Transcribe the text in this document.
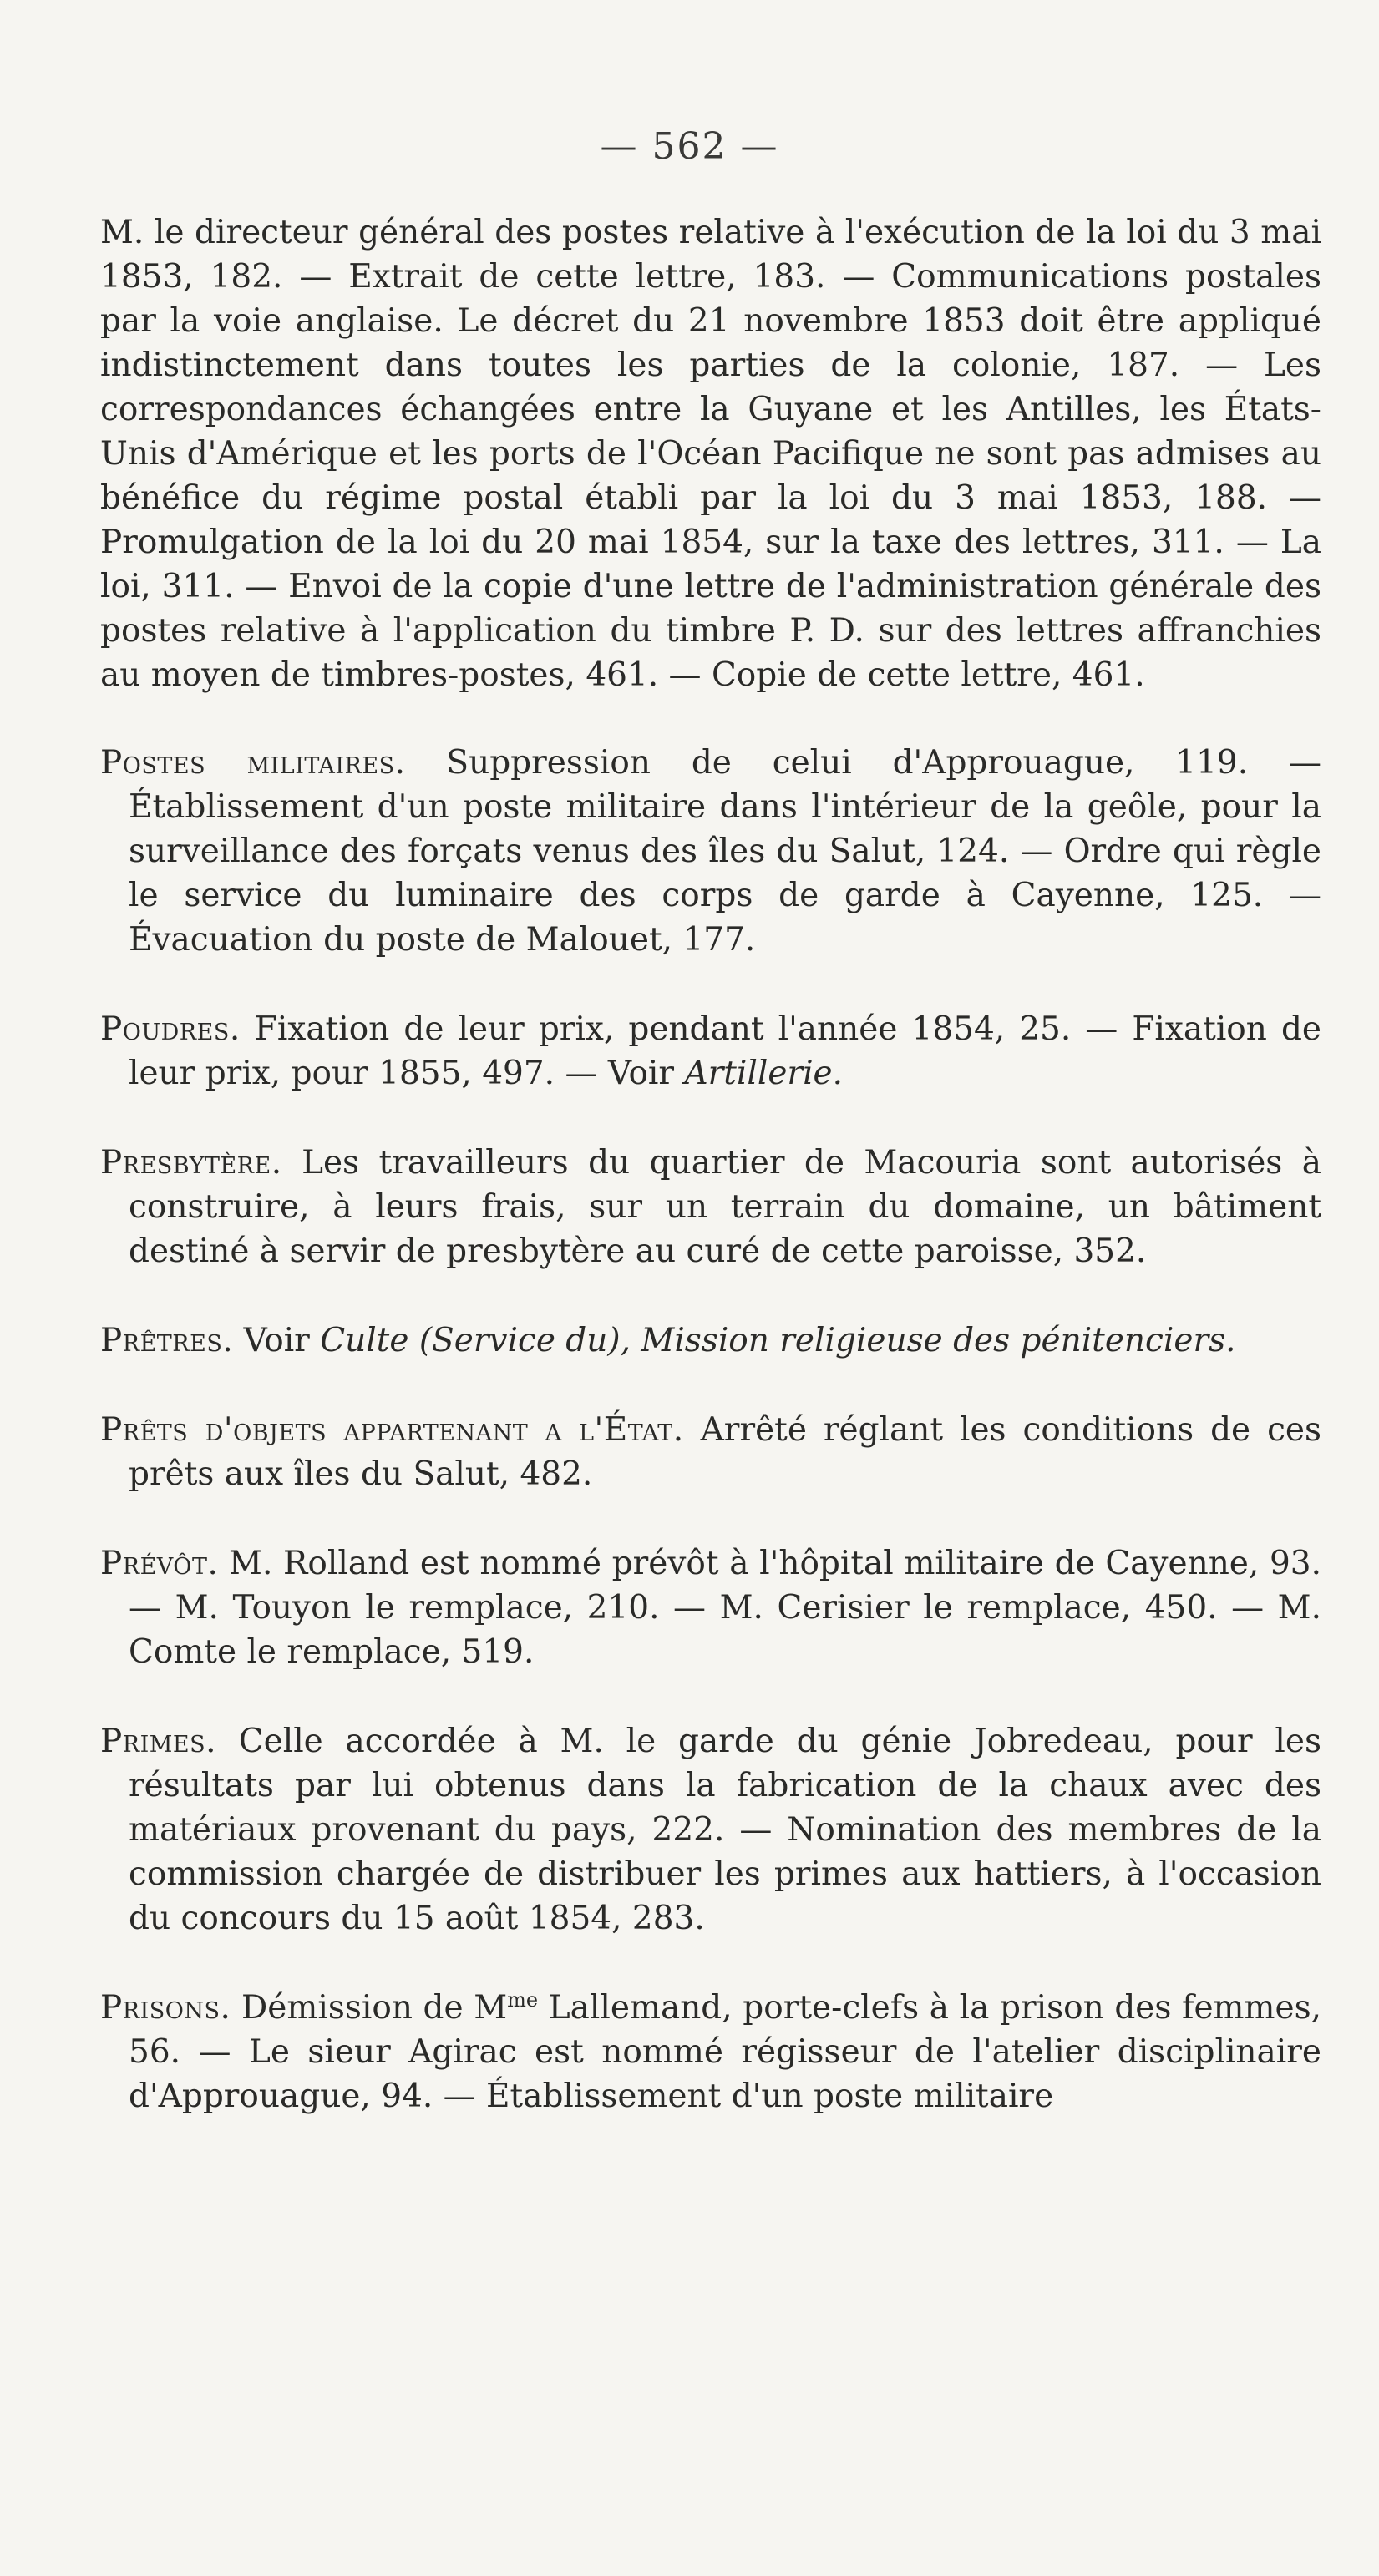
— 562 —

M. le directeur général des postes relative à l'exécution de la loi du 3 mai 1853, 182. — Extrait de cette lettre, 183. — Communications postales par la voie anglaise. Le décret du 21 novembre 1853 doit être appliqué indistinctement dans toutes les parties de la colonie, 187. — Les correspondances échangées entre la Guyane et les Antilles, les États-Unis d'Amérique et les ports de l'Océan Pacifique ne sont pas admises au bénéfice du régime postal établi par la loi du 3 mai 1853, 188. — Promulgation de la loi du 20 mai 1854, sur la taxe des lettres, 311. — La loi, 311. — Envoi de la copie d'une lettre de l'administration générale des postes relative à l'application du timbre P. D. sur des lettres affranchies au moyen de timbres-postes, 461. — Copie de cette lettre, 461.

Postes militaires. Suppression de celui d'Approuague, 119. — Établissement d'un poste militaire dans l'intérieur de la geôle, pour la surveillance des forçats venus des îles du Salut, 124. — Ordre qui règle le service du luminaire des corps de garde à Cayenne, 125. — Évacuation du poste de Malouet, 177.

Poudres. Fixation de leur prix, pendant l'année 1854, 25. — Fixation de leur prix, pour 1855, 497. — Voir Artillerie.

Presbytère. Les travailleurs du quartier de Macouria sont autorisés à construire, à leurs frais, sur un terrain du domaine, un bâtiment destiné à servir de presbytère au curé de cette paroisse, 352.

Prêtres. Voir Culte (Service du), Mission religieuse des pénitenciers.

Prêts d'objets appartenant a l'État. Arrêté réglant les conditions de ces prêts aux îles du Salut, 482.

Prévôt. M. Rolland est nommé prévôt à l'hôpital militaire de Cayenne, 93. — M. Touyon le remplace, 210. — M. Cerisier le remplace, 450. — M. Comte le remplace, 519.

Primes. Celle accordée à M. le garde du génie Jobredeau, pour les résultats par lui obtenus dans la fabrication de la chaux avec des matériaux provenant du pays, 222. — Nomination des membres de la commission chargée de distribuer les primes aux hattiers, à l'occasion du concours du 15 août 1854, 283.

Prisons. Démission de $M^{me}$ Lallemand, porte-clefs à la prison des femmes, 56. — Le sieur Agirac est nommé régisseur de l'atelier disciplinaire d'Approuague, 94. — Établissement d'un poste militaire
